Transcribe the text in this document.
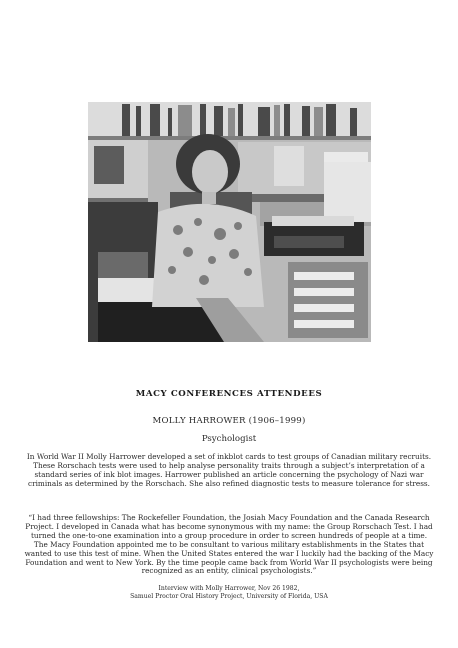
MACY CONFERENCES ATTENDEES
MOLLY HARROWER (1906–1999)
Psychologist

In World War II Molly Harrower developed a set of inkblot cards to test groups of Canadian military recruits. These Rorschach tests were used to help analyse personality traits through a subject’s interpretation of a standard series of ink blot images. Harrower published an article concerning the psychology of Nazi war criminals as determined by the Rorschach. She also refined diagnostic tests to measure tolerance for stress.

“I had three fellowships: The Rockefeller Foundation, the Josiah Macy Foundation and the Canada Research Project. I developed in Canada what has become synonymous with my name: the Group Rorschach Test. I had turned the one-to-one examination into a group procedure in order to screen hundreds of people at a time. The Macy Foundation appointed me to be consultant to various military establishments in the States that wanted to use this test of mine. When the United States entered the war I luckily had the backing of the Macy Foundation and went to New York. By the time people came back from World War II psychologists were being recognized as an entity, clinical psychologists.”

Interview with Molly Harrower, Nov 26 1982,
Samuel Proctor Oral History Project, University of Florida, USA
